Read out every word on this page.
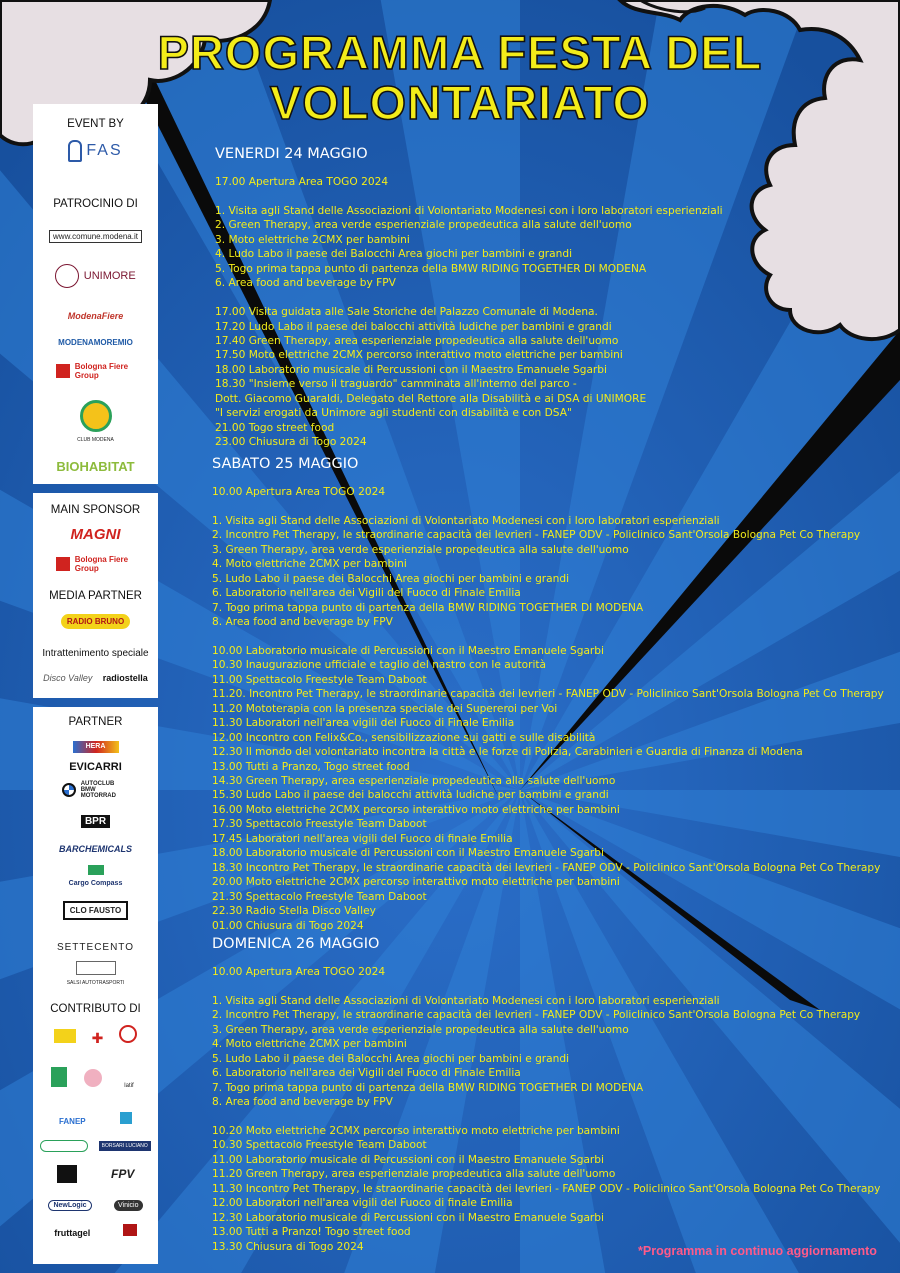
PROGRAMMA FESTA DEL
VOLONTARIATO
EVENT BY
FAS
PATROCINIO DI
www.comune.modena.it
UNIMORE
ModenaFiere
MODENAMOREMIO
Bologna Fiere Group
CLUB MODENA
BIOHABITAT
MAIN SPONSOR
MAGNI
Bologna Fiere Group
MEDIA PARTNER
RADIO BRUNO
Intrattenimento speciale
Disco Valley radiostella
PARTNER
HERA
EVICARRI
AUTOCLUB BMW MOTORRAD
BPR
BARCHEMICALS
Cargo Compass
CLO FAUSTO
SETTECENTO
SALSI AUTOTRASPORTI
CONTRIBUTO DI
✚
latif
FANEP
BORSARI LUCIANO
FPV
NewLogic	Vinicio
fruttagel
VENERDI 24 MAGGIO
17.00 Apertura Area TOGO 2024
1. Visita agli Stand delle Associazioni di Volontariato Modenesi con i loro laboratori esperienziali
2. Green Therapy, area verde esperienziale propedeutica alla salute dell'uomo
3. Moto elettriche 2CMX per bambini
4. Ludo Labo il paese dei Balocchi Area giochi per bambini e grandi
5. Togo prima tappa punto di partenza della BMW RIDING TOGETHER DI MODENA
6. Area food and beverage by FPV
17.00 Visita guidata alle Sale Storiche del Palazzo Comunale di Modena.
17.20 Ludo Labo il paese dei balocchi attività ludiche per bambini e grandi
17.40 Green Therapy, area esperienziale propedeutica alla salute dell'uomo
17.50 Moto elettriche 2CMX percorso interattivo moto elettriche per bambini
18.00 Laboratorio musicale di Percussioni con il Maestro Emanuele Sgarbi
18.30 "Insieme verso il traguardo" camminata all'interno del parco -
Dott. Giacomo Guaraldi, Delegato del Rettore alla Disabilità e ai DSA di UNIMORE
"I servizi erogati da Unimore agli studenti con disabilità e con DSA"
21.00 Togo street food
23.00 Chiusura di Togo 2024
SABATO 25 MAGGIO
10.00 Apertura Area TOGO 2024
1. Visita agli Stand delle Associazioni di Volontariato Modenesi con i loro laboratori esperienziali
2. Incontro Pet Therapy, le straordinarie capacità dei levrieri - FANEP ODV - Policlinico Sant'Orsola Bologna Pet Co Therapy
3. Green Therapy, area verde esperienziale propedeutica alla salute dell'uomo
4. Moto elettriche 2CMX per bambini
5. Ludo Labo il paese dei Balocchi Area giochi per bambini e grandi
6. Laboratorio nell'area dei Vigili del Fuoco di Finale Emilia
7. Togo prima tappa punto di partenza della BMW RIDING TOGETHER DI MODENA
8. Area food and beverage by FPV
10.00 Laboratorio musicale di Percussioni con il Maestro Emanuele Sgarbi
10.30 Inaugurazione ufficiale e taglio del nastro con le autorità
11.00 Spettacolo Freestyle Team Daboot
11.20. Incontro Pet Therapy, le straordinarie capacità dei levrieri - FANEP ODV - Policlinico Sant'Orsola Bologna Pet Co Therapy
11.20 Mototerapia con la presenza speciale dei Supereroi per Voi
11.30 Laboratori nell'area vigili del Fuoco di Finale Emilia
12.00 Incontro con Felix&Co., sensibilizzazione sui gatti e sulle disabilità
12.30 Il mondo del volontariato incontra la città e le forze di Polizia, Carabinieri e Guardia di Finanza di Modena
13.00 Tutti a Pranzo, Togo street food
14.30 Green Therapy, area esperienziale propedeutica alla salute dell'uomo
15.30 Ludo Labo il paese dei balocchi attività ludiche per bambini e grandi
16.00 Moto elettriche 2CMX percorso interattivo moto elettriche per bambini
17.30 Spettacolo Freestyle Team Daboot
17.45 Laboratori nell'area vigili del Fuoco di finale Emilia
18.00 Laboratorio musicale di Percussioni con il Maestro Emanuele Sgarbi
18.30 Incontro Pet Therapy, le straordinarie capacità dei levrieri - FANEP ODV - Policlinico Sant'Orsola Bologna Pet Co Therapy
20.00 Moto elettriche 2CMX percorso interattivo moto elettriche per bambini
21.30 Spettacolo Freestyle Team Daboot
22.30 Radio Stella Disco Valley
01.00 Chiusura di Togo 2024
DOMENICA 26 MAGGIO
10.00 Apertura Area TOGO 2024
1. Visita agli Stand delle Associazioni di Volontariato Modenesi con i loro laboratori esperienziali
2. Incontro Pet Therapy, le straordinarie capacità dei levrieri - FANEP ODV - Policlinico Sant'Orsola Bologna Pet Co Therapy
3. Green Therapy, area verde esperienziale propedeutica alla salute dell'uomo
4. Moto elettriche 2CMX per bambini
5. Ludo Labo il paese dei Balocchi Area giochi per bambini e grandi
6. Laboratorio nell'area dei Vigili del Fuoco di Finale Emilia
7. Togo prima tappa punto di partenza della BMW RIDING TOGETHER DI MODENA
8. Area food and beverage by FPV
10.20 Moto elettriche 2CMX percorso interattivo moto elettriche per bambini
10.30 Spettacolo Freestyle Team Daboot
11.00 Laboratorio musicale di Percussioni con il Maestro Emanuele Sgarbi
11.20 Green Therapy, area esperienziale propedeutica alla salute dell'uomo
11.30 Incontro Pet Therapy, le straordinarie capacità dei levrieri - FANEP ODV - Policlinico Sant'Orsola Bologna Pet Co Therapy
12.00 Laboratori nell'area vigili del Fuoco di finale Emilia
12.30 Laboratorio musicale di Percussioni con il Maestro Emanuele Sgarbi
13.00 Tutti a Pranzo! Togo street food
13.30 Chiusura di Togo 2024	*Programma in continuo aggiornamento
